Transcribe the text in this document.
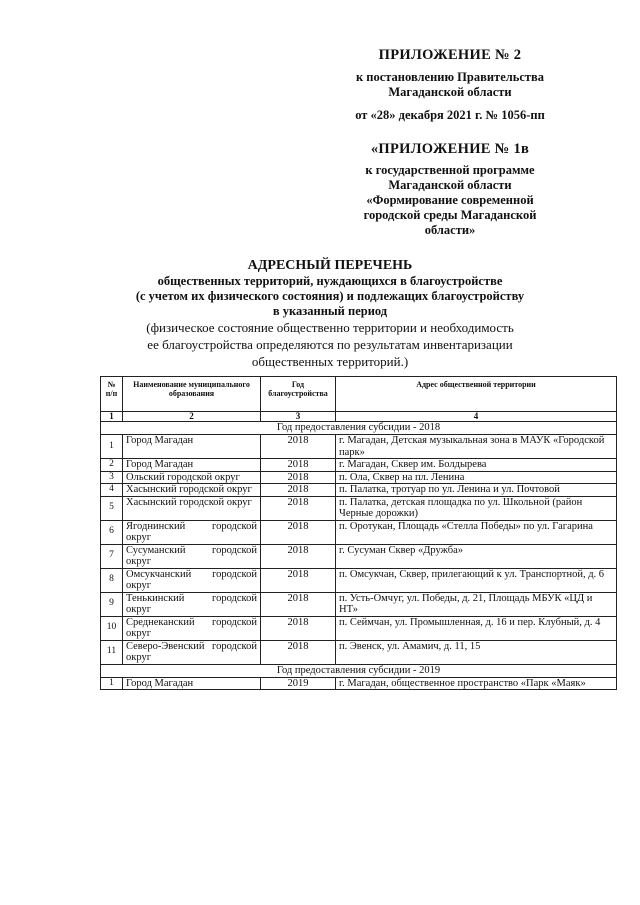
ПРИЛОЖЕНИЕ № 2
к постановлению Правительства
Магаданской области
от «28» декабря 2021 г. № 1056-пп
«ПРИЛОЖЕНИЕ № 1в
к государственной программе
Магаданской области
«Формирование современной
городской среды Магаданской
области»
АДРЕСНЫЙ ПЕРЕЧЕНЬ
общественных территорий, нуждающихся в благоустройстве
(с учетом их физического состояния) и подлежащих благоустройству
в указанный период
(физическое состояние общественно территории и необходимость
ее благоустройства определяются по результатам инвентаризации
общественных территорий.)
№ п/п	Наименование муниципального образования	Год благоустройства	Адрес общественной территории
1	2	3	4
Год предоставления субсидии - 2018			
1	Город Магадан	2018	г. Магадан, Детская музыкальная зона в МАУК «Городской парк»
2	Город Магадан	2018	г. Магадан, Сквер им. Болдырева
3	Ольский городской округ	2018	п. Ола, Сквер на пл. Ленина
4	Хасынский городской округ	2018	п. Палатка, тротуар по ул. Ленина и ул. Почтовой
5	Хасынский городской округ	2018	п. Палатка, детская площадка по ул. Школьной (район Черные дорожки)
6	Ягоднинский городской округ	2018	п. Оротукан, Площадь «Стелла Победы» по ул. Гагарина
7	Сусуманский городской округ	2018	г. Сусуман Сквер «Дружба»
8	Омсукчанский городской округ	2018	п. Омсукчан, Сквер, прилегающий к ул. Транспортной, д. 6
9	Тенькинский городской округ	2018	п. Усть-Омчуг, ул. Победы, д. 21, Площадь МБУК «ЦД и НТ»
10	Среднеканский городской округ	2018	п. Сеймчан, ул. Промышленная, д. 16 и пер. Клубный, д. 4
11	Северо-Эвенский городской округ	2018	п. Эвенск, ул. Амамич, д. 11, 15
Год предоставления субсидии - 2019			
1	Город Магадан	2019	г. Магадан, общественное пространство «Парк «Маяк»
